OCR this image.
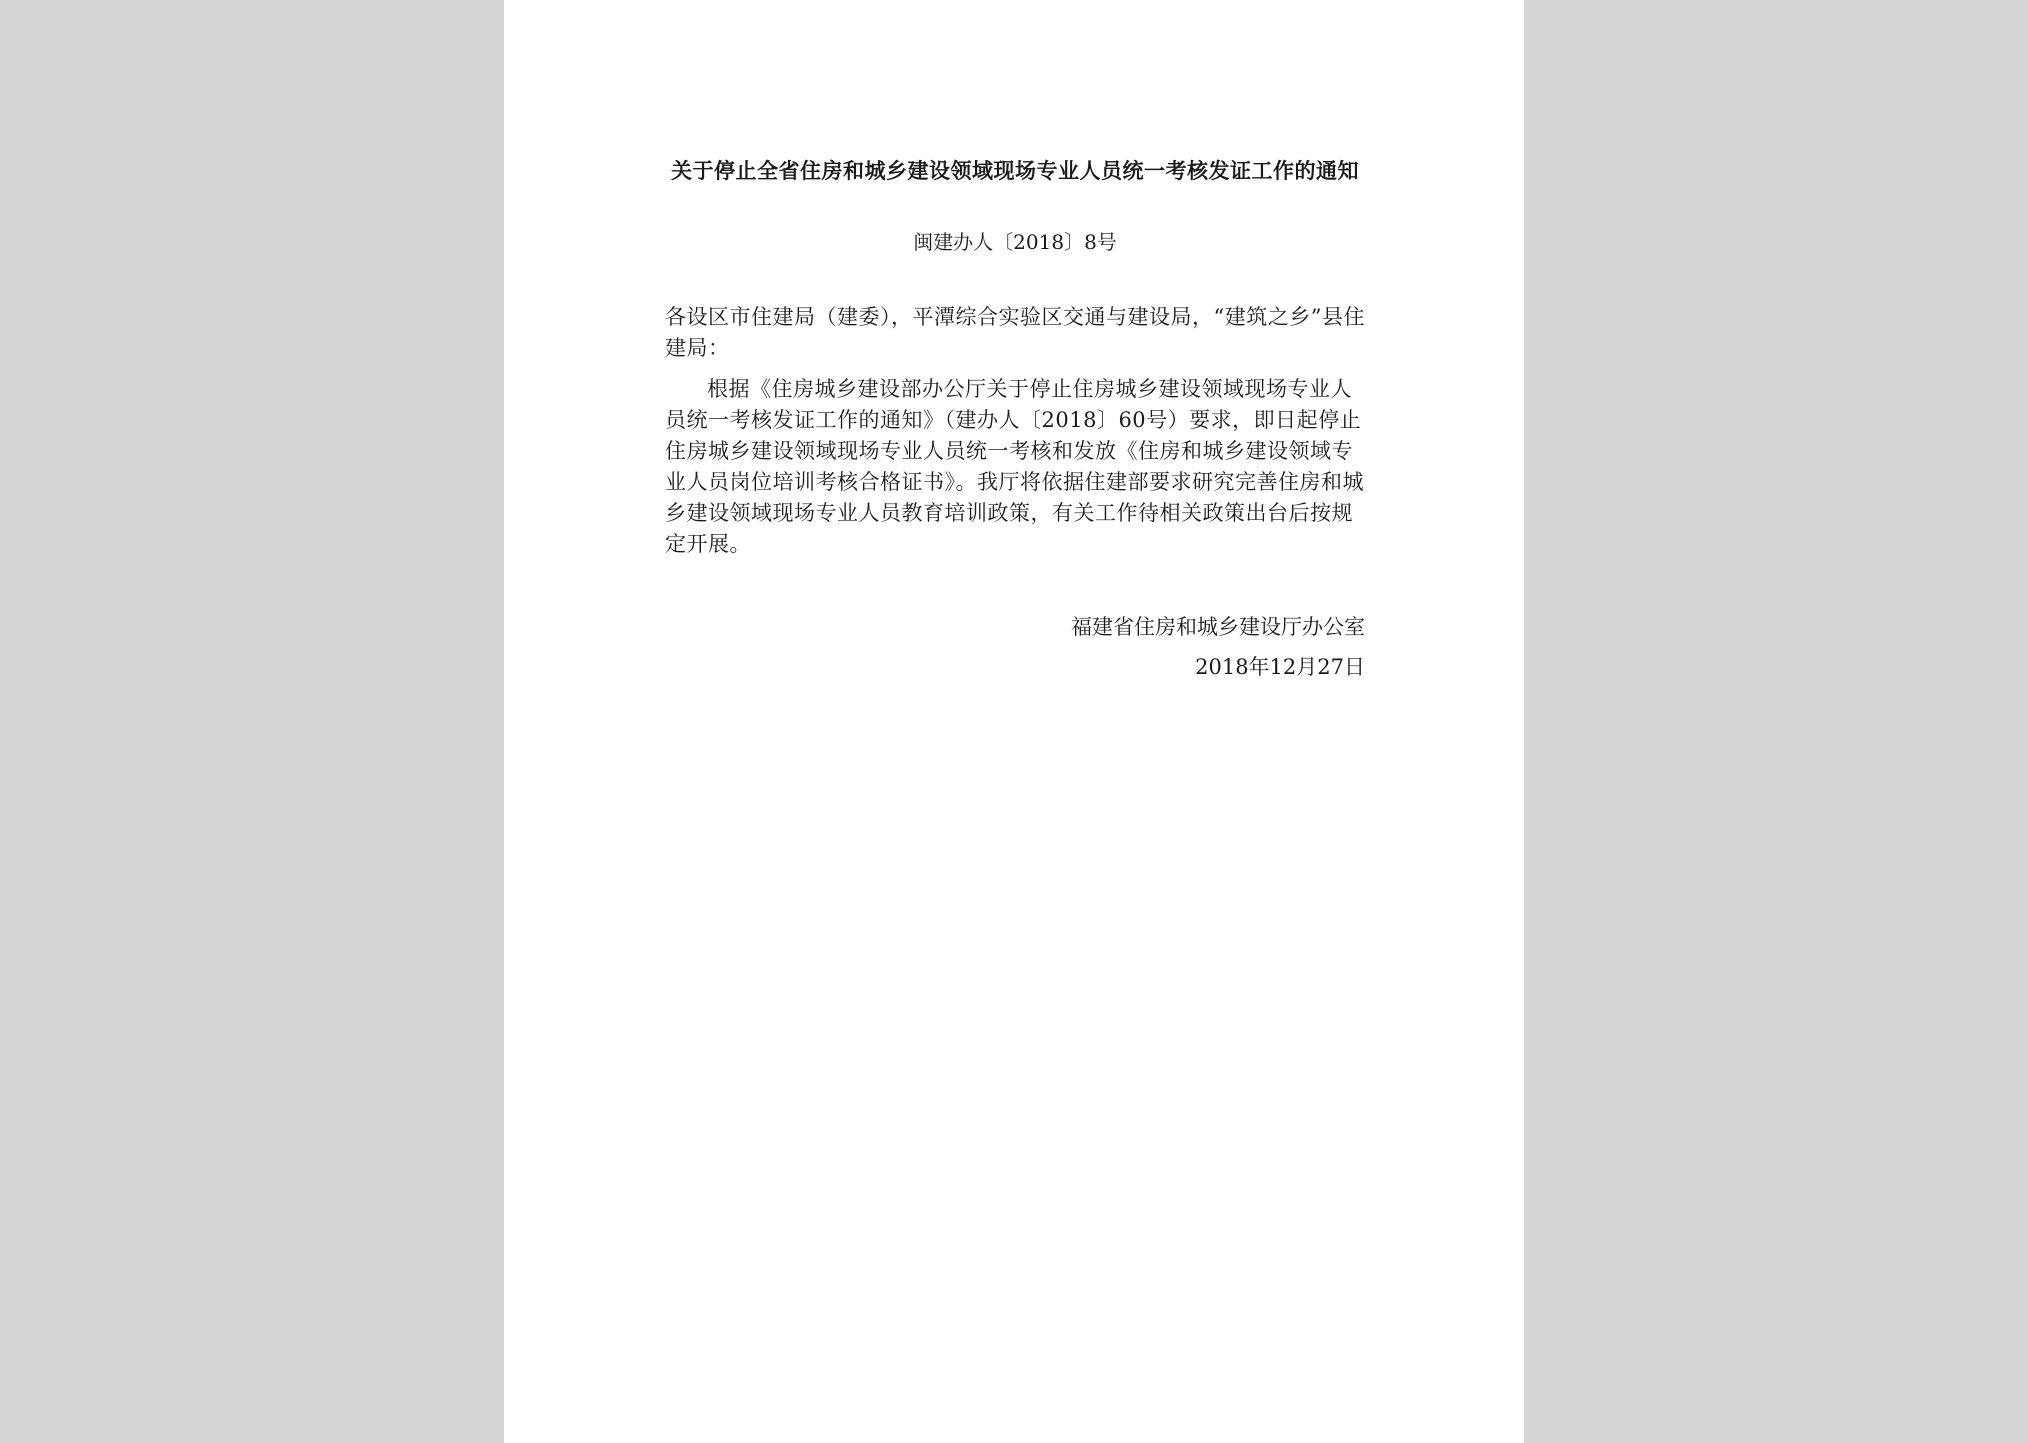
关于停止全省住房和城乡建设领域现场专业人员统一考核发证工作的通知
闽建办人〔2018〕8号
各设区市住建局（建委），平潭综合实验区交通与建设局，“建筑之乡”县住建局：
根据《住房城乡建设部办公厅关于停止住房城乡建设领域现场专业人员统一考核发证工作的通知》（建办人〔2018〕60号）要求，即日起停止住房城乡建设领域现场专业人员统一考核和发放《住房和城乡建设领域专业人员岗位培训考核合格证书》。我厅将依据住建部要求研究完善住房和城乡建设领域现场专业人员教育培训政策，有关工作待相关政策出台后按规定开展。
福建省住房和城乡建设厅办公室
2018年12月27日
